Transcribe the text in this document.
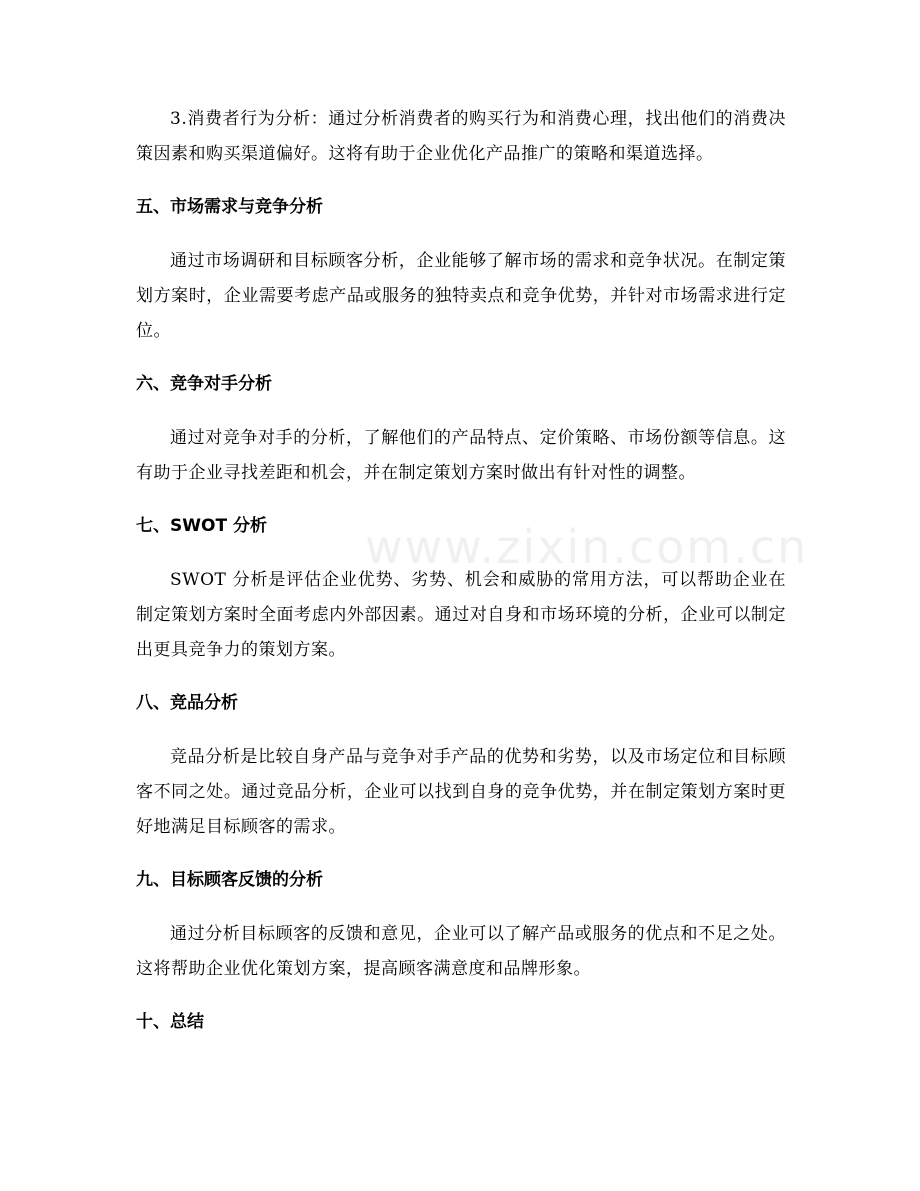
www.zixin.com.cn

3.消费者行为分析：通过分析消费者的购买行为和消费心理，找出他们的消费决策因素和购买渠道偏好。这将有助于企业优化产品推广的策略和渠道选择。

五、市场需求与竞争分析

通过市场调研和目标顾客分析，企业能够了解市场的需求和竞争状况。在制定策划方案时，企业需要考虑产品或服务的独特卖点和竞争优势，并针对市场需求进行定位。

六、竞争对手分析

通过对竞争对手的分析，了解他们的产品特点、定价策略、市场份额等信息。这有助于企业寻找差距和机会，并在制定策划方案时做出有针对性的调整。

七、SWOT 分析

SWOT 分析是评估企业优势、劣势、机会和威胁的常用方法，可以帮助企业在制定策划方案时全面考虑内外部因素。通过对自身和市场环境的分析，企业可以制定出更具竞争力的策划方案。

八、竞品分析

竞品分析是比较自身产品与竞争对手产品的优势和劣势，以及市场定位和目标顾客不同之处。通过竞品分析，企业可以找到自身的竞争优势，并在制定策划方案时更好地满足目标顾客的需求。

九、目标顾客反馈的分析

通过分析目标顾客的反馈和意见，企业可以了解产品或服务的优点和不足之处。这将帮助企业优化策划方案，提高顾客满意度和品牌形象。

十、总结
